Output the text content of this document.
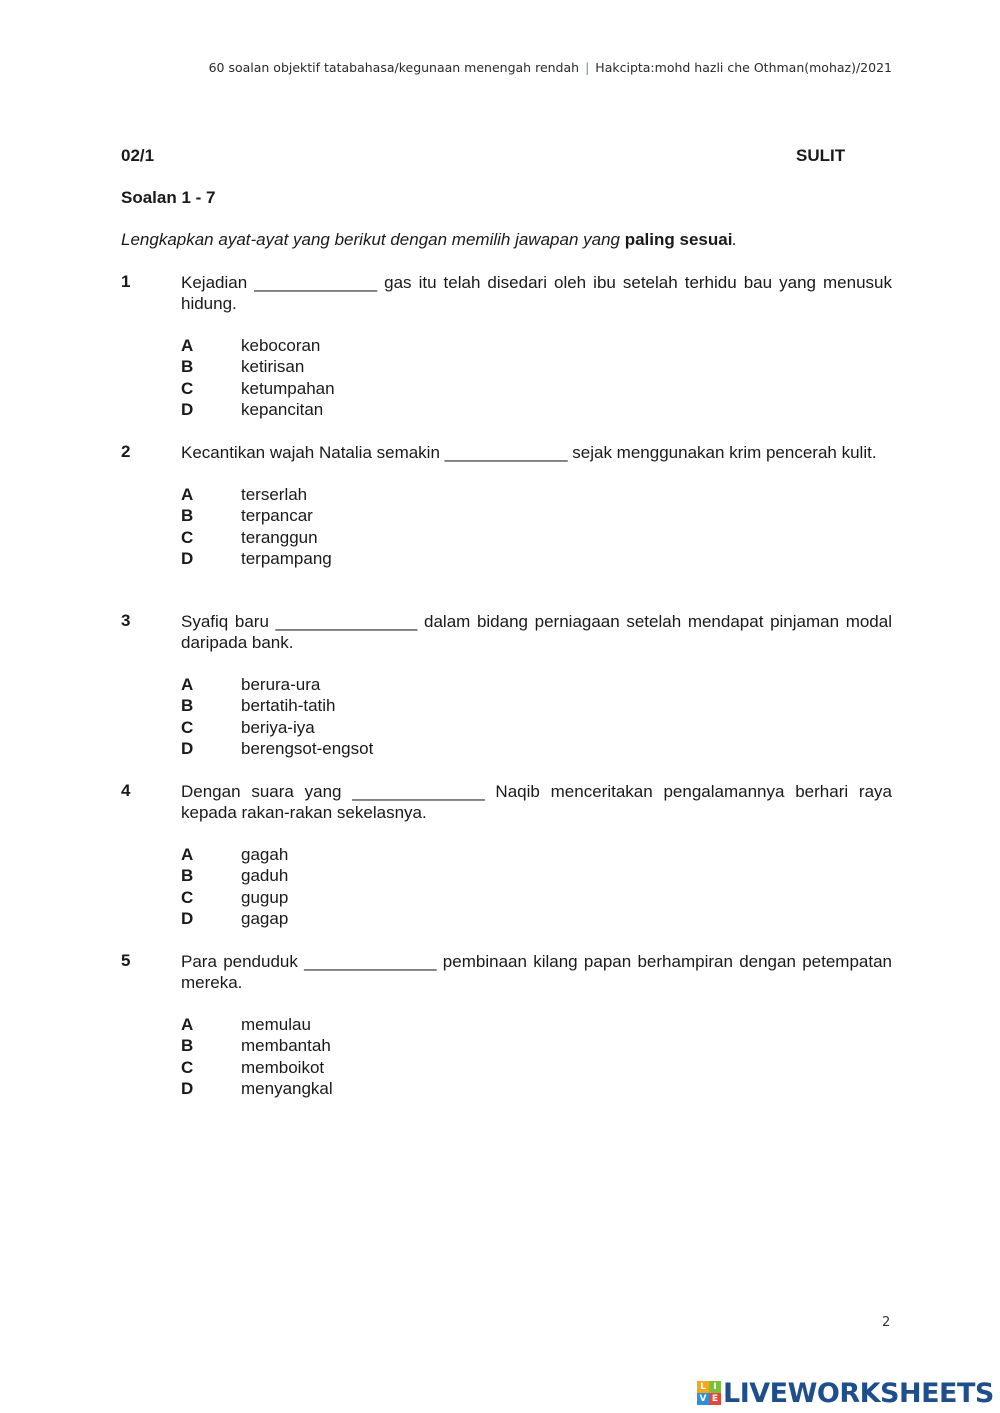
60 soalan objektif tatabahasa/kegunaan menengah rendah | Hakcipta:mohd hazli che Othman(mohaz)/2021
02/1	SULIT
Soalan 1 - 7
Lengkapkan ayat-ayat yang berikut dengan memilih jawapan yang paling sesuai.
1	Kejadian _____________ gas itu telah disedari oleh ibu setelah terhidu bau yang menusuk hidung.
A	kebocoran
B	ketirisan
C	ketumpahan
D	kepancitan
2	Kecantikan wajah Natalia semakin _____________ sejak menggunakan krim pencerah kulit.
A	terserlah
B	terpancar
C	teranggun
D	terpampang
3	Syafiq baru _______________ dalam bidang perniagaan setelah mendapat pinjaman modal daripada bank.
A	berura-ura
B	bertatih-tatih
C	beriya-iya
D	berengsot-engsot
4	Dengan suara yang ______________ Naqib menceritakan pengalamannya berhari raya kepada rakan-rakan sekelasnya.
A	gagah
B	gaduh
C	gugup
D	gagap
5	Para penduduk ______________ pembinaan kilang papan berhampiran dengan petempatan mereka.
A	memulau
B	membantah
C	memboikot
D	menyangkal
2
L I
V E LIVEWORKSHEETS
